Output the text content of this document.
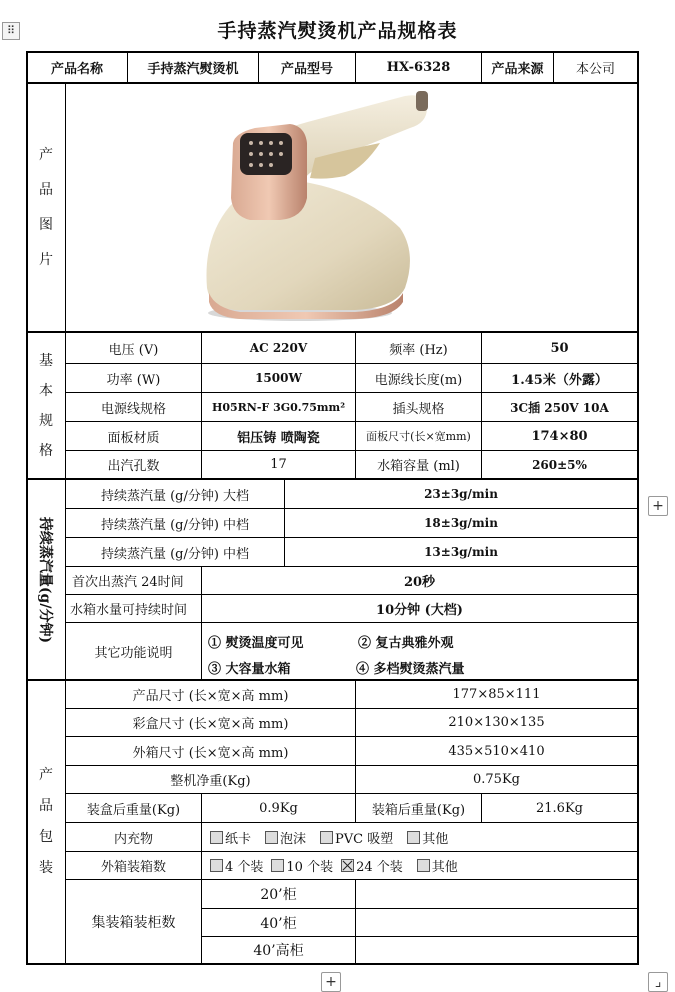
⠿
+
+	⌟
手持蒸汽熨烫机产品规格表
产品名称	手持蒸汽熨烫机	产品型号	HX-6328	产品来源	本公司
产
品
图
片
基
本
规
格
电压 (V)	AC 220V	频率 (Hz)	50
功率 (W)	1500W	电源线长度(m)	1.45米（外露）
电源线规格	H05RN-F 3G0.75mm²	插头规格	3C插 250V 10A
面板材质	铝压铸 喷陶瓷	面板尺寸(长×宽mm)	174×80
出汽孔数	17	水箱容量 (ml)	260±5%
持续蒸汽量(g/分钟)
持续蒸汽量 (g/分钟) 大档	23±3g/min
持续蒸汽量 (g/分钟) 中档	18±3g/min
持续蒸汽量 (g/分钟) 中档	13±3g/min
首次出蒸汽 24时间	20秒
水箱水量可持续时间	10分钟 (大档)
其它功能说明
① 熨烫温度可见	② 复古典雅外观
③ 大容量水箱	④ 多档熨烫蒸汽量
产
品
包
装
产品尺寸 (长×宽×高 mm)	177×85×111
彩盒尺寸 (长×宽×高 mm)	210×130×135
外箱尺寸 (长×宽×高 mm)	435×510×410
整机净重(Kg)	0.75Kg
装盒后重量(Kg)	0.9Kg	装箱后重量(Kg)	21.6Kg
内充物	纸卡 泡沫 PVC 吸塑 其他
外箱装箱数	4 个装 10 个装 24 个装 其他
集装箱装柜数
20’柜
40’柜
40’高柜
